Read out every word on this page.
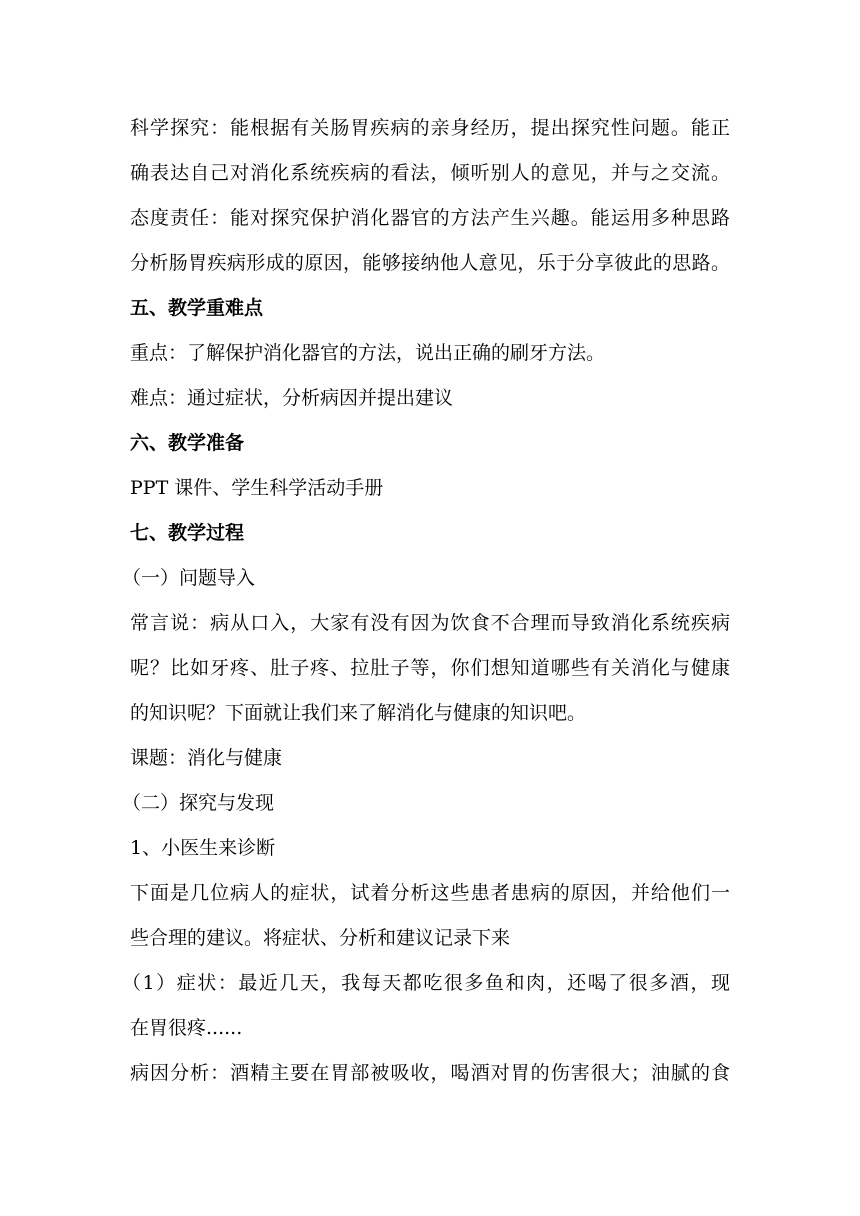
科学探究：能根据有关肠胃疾病的亲身经历，提出探究性问题。能正
确表达自己对消化系统疾病的看法，倾听别人的意见，并与之交流。
态度责任：能对探究保护消化器官的方法产生兴趣。能运用多种思路
分析肠胃疾病形成的原因，能够接纳他人意见，乐于分享彼此的思路。
五、教学重难点
重点：了解保护消化器官的方法，说出正确的刷牙方法。
难点：通过症状，分析病因并提出建议
六、教学准备
PPT 课件、学生科学活动手册
七、教学过程
（一）问题导入
常言说：病从口入，大家有没有因为饮食不合理而导致消化系统疾病
呢？比如牙疼、肚子疼、拉肚子等，你们想知道哪些有关消化与健康
的知识呢？下面就让我们来了解消化与健康的知识吧。
课题：消化与健康
（二）探究与发现
1、小医生来诊断
下面是几位病人的症状，试着分析这些患者患病的原因，并给他们一
些合理的建议。将症状、分析和建议记录下来
（1）症状：最近几天，我每天都吃很多鱼和肉，还喝了很多酒，现
在胃很疼......
病因分析：酒精主要在胃部被吸收，喝酒对胃的伤害很大；油腻的食
